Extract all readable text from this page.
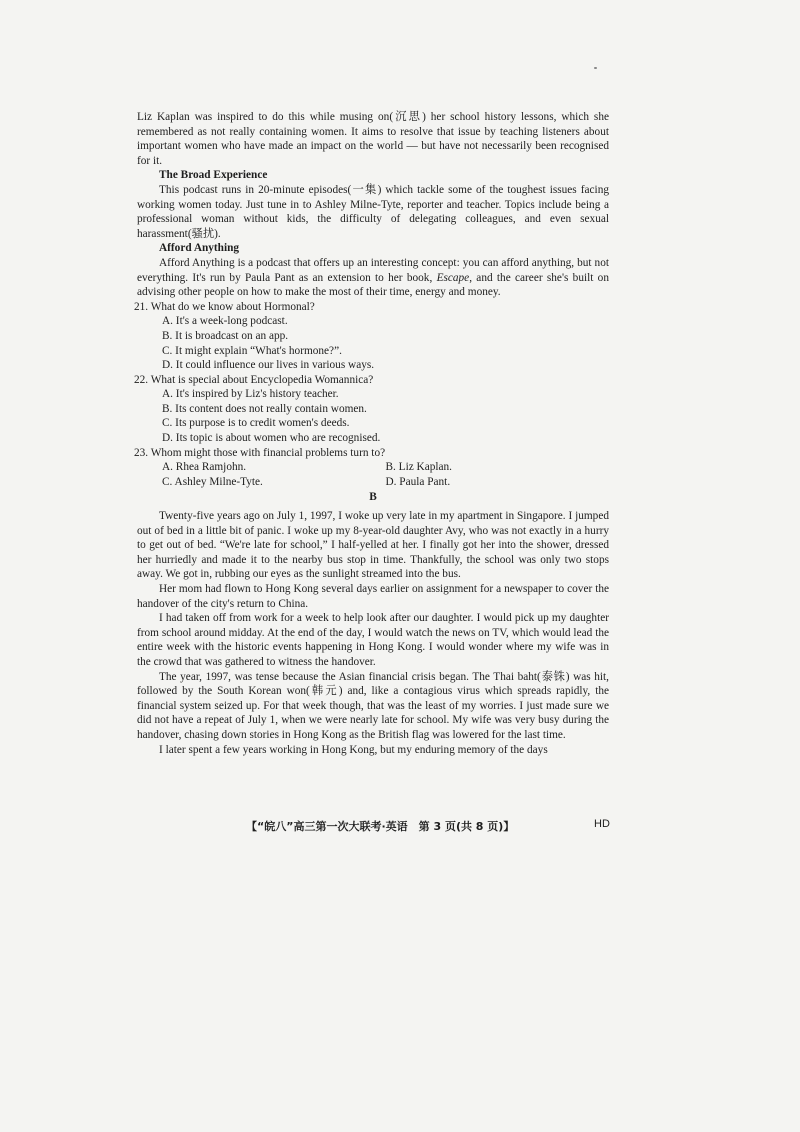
Liz Kaplan was inspired to do this while musing on(沉思) her school history lessons, which she remembered as not really containing women. It aims to resolve that issue by teaching listeners about important women who have made an impact on the world — but have not necessarily been recognised for it.

The Broad Experience

This podcast runs in 20-minute episodes(一集) which tackle some of the toughest issues facing working women today. Just tune in to Ashley Milne-Tyte, reporter and teacher. Topics include being a professional woman without kids, the difficulty of delegating colleagues, and even sexual harassment(骚扰).

Afford Anything

Afford Anything is a podcast that offers up an interesting concept: you can afford anything, but not everything. It's run by Paula Pant as an extension to her book, Escape, and the career she's built on advising other people on how to make the most of their time, energy and money.

21. What do we know about Hormonal?

A. It's a week-long podcast.

B. It is broadcast on an app.

C. It might explain “What's hormone?”.

D. It could influence our lives in various ways.

22. What is special about Encyclopedia Womannica?

A. It's inspired by Liz's history teacher.

B. Its content does not really contain women.

C. Its purpose is to credit women's deeds.

D. Its topic is about women who are recognised.

23. Whom might those with financial problems turn to?

A. Rhea Ramjohn.	B. Liz Kaplan.
C. Ashley Milne-Tyte.	D. Paula Pant.

B

Twenty-five years ago on July 1, 1997, I woke up very late in my apartment in Singapore. I jumped out of bed in a little bit of panic. I woke up my 8-year-old daughter Avy, who was not exactly in a hurry to get out of bed. “We're late for school,” I half-yelled at her. I finally got her into the shower, dressed her hurriedly and made it to the nearby bus stop in time. Thankfully, the school was only two stops away. We got in, rubbing our eyes as the sunlight streamed into the bus.

Her mom had flown to Hong Kong several days earlier on assignment for a newspaper to cover the handover of the city's return to China.

I had taken off from work for a week to help look after our daughter. I would pick up my daughter from school around midday. At the end of the day, I would watch the news on TV, which would lead the entire week with the historic events happening in Hong Kong. I would wonder where my wife was in the crowd that was gathered to witness the handover.

The year, 1997, was tense because the Asian financial crisis began. The Thai baht(泰铢) was hit, followed by the South Korean won(韩元) and, like a contagious virus which spreads rapidly, the financial system seized up. For that week though, that was the least of my worries. I just made sure we did not have a repeat of July 1, when we were nearly late for school. My wife was very busy during the handover, chasing down stories in Hong Kong as the British flag was lowered for the last time.

I later spent a few years working in Hong Kong, but my enduring memory of the days

【“皖八”高三第一次大联考·英语　第 3 页(共 8 页)】	HD
